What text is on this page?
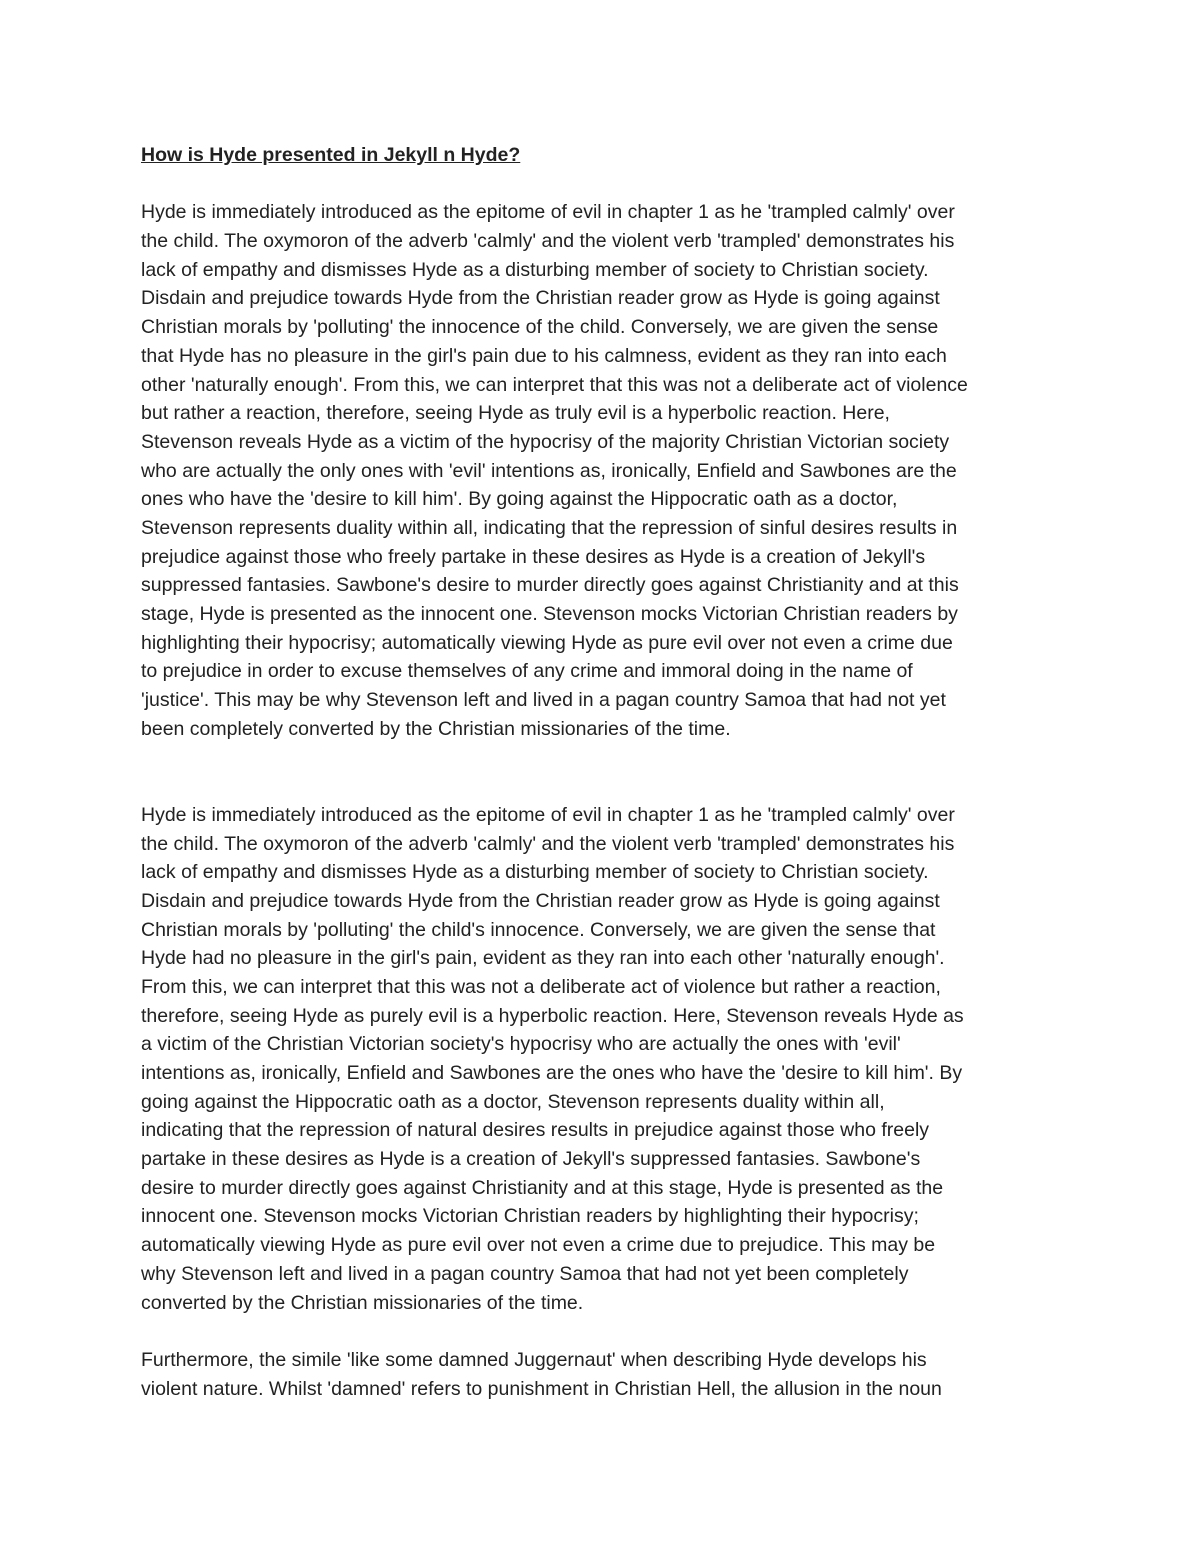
How is Hyde presented in Jekyll n Hyde?
Hyde is immediately introduced as the epitome of evil in chapter 1 as he 'trampled calmly' over
the child. The oxymoron of the adverb 'calmly' and the violent verb 'trampled' demonstrates his
lack of empathy and dismisses Hyde as a disturbing member of society to Christian society.
Disdain and prejudice towards Hyde from the Christian reader grow as Hyde is going against
Christian morals by 'polluting' the innocence of the child. Conversely, we are given the sense
that Hyde has no pleasure in the girl's pain due to his calmness, evident as they ran into each
other 'naturally enough'. From this, we can interpret that this was not a deliberate act of violence
but rather a reaction, therefore, seeing Hyde as truly evil is a hyperbolic reaction. Here,
Stevenson reveals Hyde as a victim of the hypocrisy of the majority Christian Victorian society
who are actually the only ones with 'evil' intentions as, ironically, Enfield and Sawbones are the
ones who have the 'desire to kill him'. By going against the Hippocratic oath as a doctor,
Stevenson represents duality within all, indicating that the repression of sinful desires results in
prejudice against those who freely partake in these desires as Hyde is a creation of Jekyll's
suppressed fantasies. Sawbone's desire to murder directly goes against Christianity and at this
stage, Hyde is presented as the innocent one. Stevenson mocks Victorian Christian readers by
highlighting their hypocrisy; automatically viewing Hyde as pure evil over not even a crime due
to prejudice in order to excuse themselves of any crime and immoral doing in the name of
'justice'. This may be why Stevenson left and lived in a pagan country Samoa that had not yet
been completely converted by the Christian missionaries of the time.
Hyde is immediately introduced as the epitome of evil in chapter 1 as he 'trampled calmly' over
the child. The oxymoron of the adverb 'calmly' and the violent verb 'trampled' demonstrates his
lack of empathy and dismisses Hyde as a disturbing member of society to Christian society.
Disdain and prejudice towards Hyde from the Christian reader grow as Hyde is going against
Christian morals by 'polluting' the child's innocence. Conversely, we are given the sense that
Hyde had no pleasure in the girl's pain, evident as they ran into each other 'naturally enough'.
From this, we can interpret that this was not a deliberate act of violence but rather a reaction,
therefore, seeing Hyde as purely evil is a hyperbolic reaction. Here, Stevenson reveals Hyde as
a victim of the Christian Victorian society's hypocrisy who are actually the ones with 'evil'
intentions as, ironically, Enfield and Sawbones are the ones who have the 'desire to kill him'. By
going against the Hippocratic oath as a doctor, Stevenson represents duality within all,
indicating that the repression of natural desires results in prejudice against those who freely
partake in these desires as Hyde is a creation of Jekyll's suppressed fantasies. Sawbone's
desire to murder directly goes against Christianity and at this stage, Hyde is presented as the
innocent one. Stevenson mocks Victorian Christian readers by highlighting their hypocrisy;
automatically viewing Hyde as pure evil over not even a crime due to prejudice. This may be
why Stevenson left and lived in a pagan country Samoa that had not yet been completely
converted by the Christian missionaries of the time.
Furthermore, the simile 'like some damned Juggernaut' when describing Hyde develops his
violent nature. Whilst 'damned' refers to punishment in Christian Hell, the allusion in the noun
